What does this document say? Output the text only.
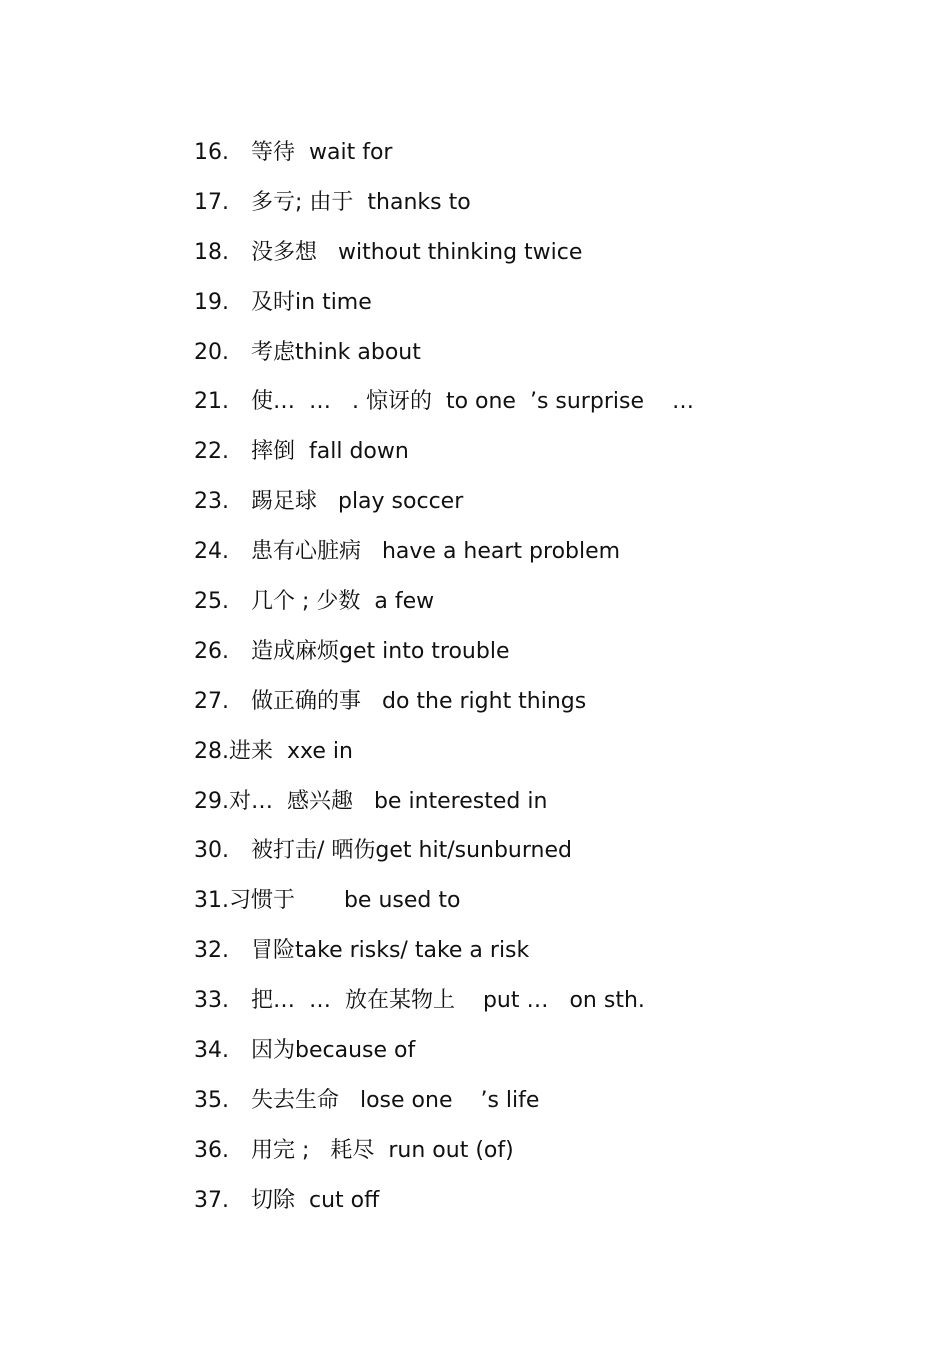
16.	等待 wait for
17.	多亏; 由于 thanks to
18.	没多想 without thinking twice
19.	及时 in time
20.	考虑 think about
21.	使…  …   . 惊讶的 to one  ’s surprise    …
22.	摔倒 fall down
23.	踢足球 play soccer
24.	患有心脏病 have a heart problem
25.	几个 ; 少数 a few
26.	造成麻烦 get into trouble
27.	做正确的事 do the right things
28. 进来 xxe in
29. 对…  感兴趣 be interested in
30.	被打击/ 晒伤 get hit/sunburned
31. 习惯于 be used to
32.	冒险 take risks/ take a risk
33.	把…  …  放在某物上 put …   on sth.
34.	因为 because of
35.	失去生命 lose one    ’s life
36.	用完 ;   耗尽 run out (of)
37.	切除 cut off
